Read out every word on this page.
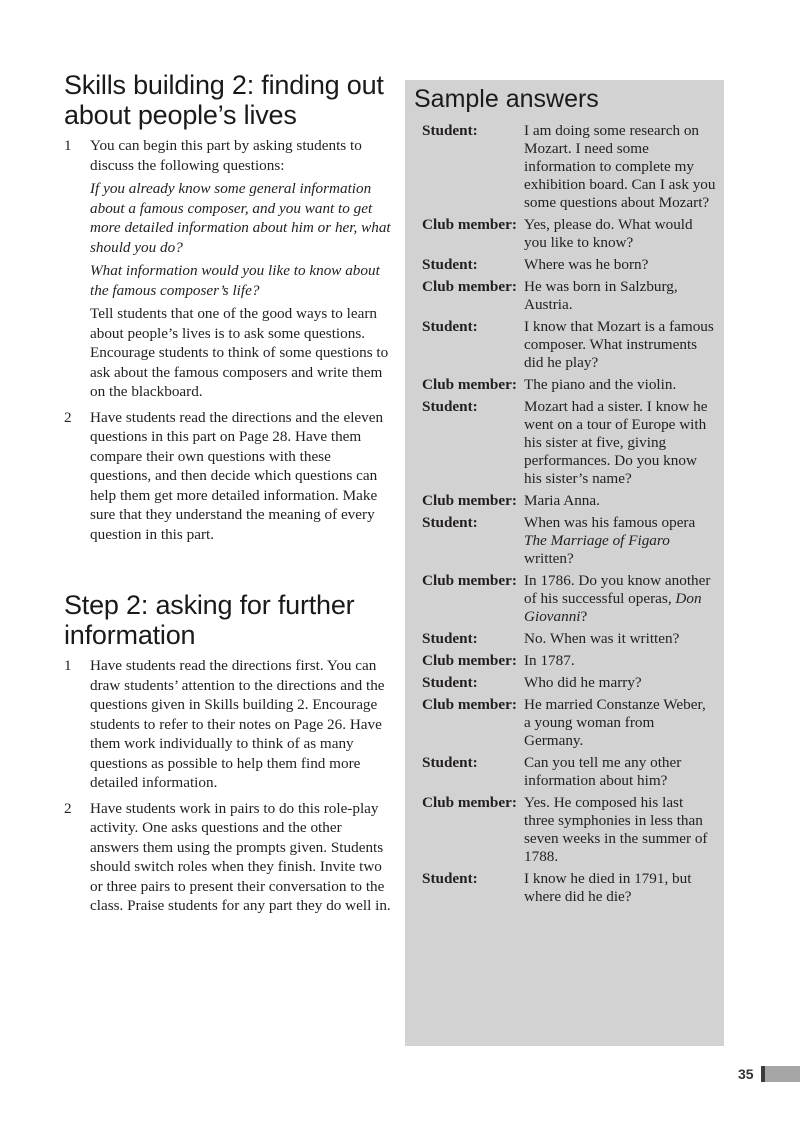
Skills building 2: finding out about people’s lives
1	You can begin this part by asking students to discuss the following questions:

If you already know some general information about a famous composer, and you want to get more detailed information about him or her, what should you do?

What information would you like to know about the famous composer’s life?

Tell students that one of the good ways to learn about people’s lives is to ask some questions. Encourage students to think of some questions to ask about the famous composers and write them on the blackboard.

2	Have students read the directions and the eleven questions in this part on Page 28. Have them compare their own questions with these questions, and then decide which questions can help them get more detailed information. Make sure that they understand the meaning of every question in this part.

Step 2: asking for further information
1	Have students read the directions first. You can draw students’ attention to the directions and the questions given in Skills building 2. Encourage students to refer to their notes on Page 26. Have them work individually to think of as many questions as possible to help them find more detailed information.

2	Have students work in pairs to do this role-play activity. One asks questions and the other answers them using the prompts given. Students should switch roles when they finish. Invite two or three pairs to present their conversation to the class. Praise students for any part they do well in.

Sample answers
Student:	I am doing some research on Mozart. I need some information to complete my exhibition board. Can I ask you some questions about Mozart?
Club member: Yes, please do. What would you like to know?
Student:	Where was he born?
Club member: He was born in Salzburg, Austria.
Student:	I know that Mozart is a famous composer. What instruments did he play?
Club member: The piano and the violin.
Student:	Mozart had a sister. I know he went on a tour of Europe with his sister at five, giving performances. Do you know his sister’s name?
Club member: Maria Anna.
Student:	When was his famous opera The Marriage of Figaro written?
Club member: In 1786. Do you know another of his successful operas, Don Giovanni?
Student:	No. When was it written?
Club member: In 1787.
Student:	Who did he marry?
Club member: He married Constanze Weber, a young woman from Germany.
Student:	Can you tell me any other information about him?
Club member: Yes. He composed his last three symphonies in less than seven weeks in the summer of 1788.
Student:	I know he died in 1791, but where did he die?
35
